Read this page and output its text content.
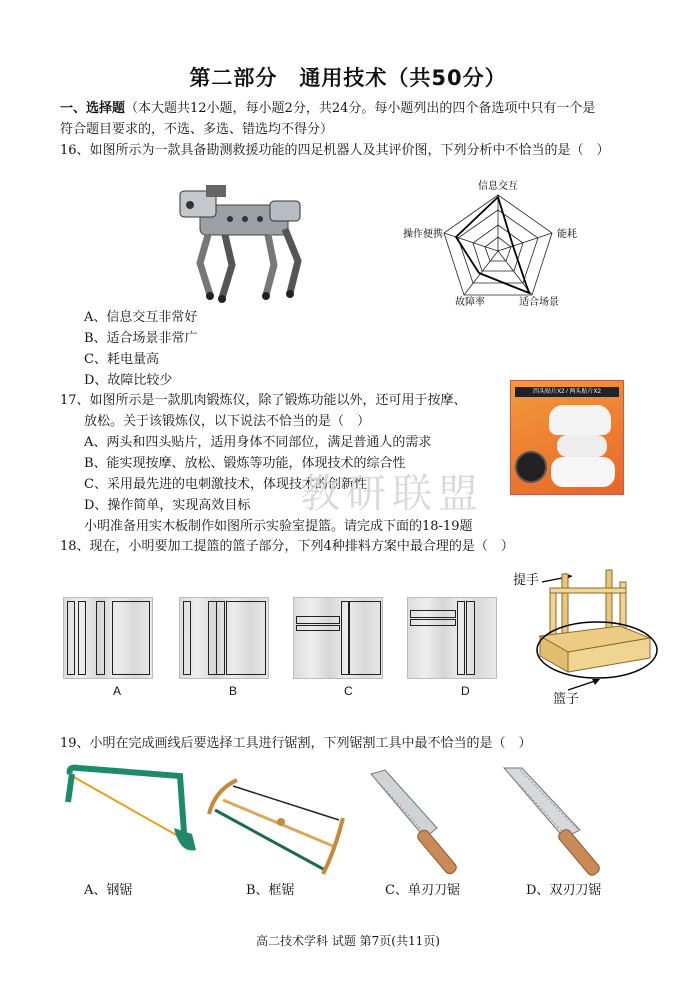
第二部分　通用技术（共50分）
一、选择题（本大题共12小题，每小题2分，共24分。每小题列出的四个备选项中只有一个是
符合题目要求的，不选、多选、错选均不得分）
16、如图所示为一款具备勘测救援功能的四足机器人及其评价图，下列分析中不恰当的是（　）
信息交互
能耗
适合场景
故障率
操作便携
A、信息交互非常好
B、适合场景非常广
C、耗电量高
D、故障比较少
17、如图所示是一款肌肉锻炼仪，除了锻炼功能以外，还可用于按摩、
放松。关于该锻炼仪，以下说法不恰当的是（　）
A、两头和四头贴片，适用身体不同部位，满足普通人的需求
B、能实现按摩、放松、锻炼等功能，体现技术的综合性
C、采用最先进的电刺激技术，体现技术的创新性
D、操作简单，实现高效目标
四头贴片X2 / 两头贴片X2
教研联盟
小明准备用实木板制作如图所示实验室提篮。请完成下面的18-19题
18、现在，小明要加工提篮的篮子部分，下列4种排料方案中最合理的是（　）
A	B	C	D
提手
篮子
19、小明在完成画线后要选择工具进行锯割，下列锯割工具中最不恰当的是（　）
A、钢锯	B、框锯	C、单刃刀锯	D、双刃刀锯
高二技术学科 试题 第7页(共11页)
